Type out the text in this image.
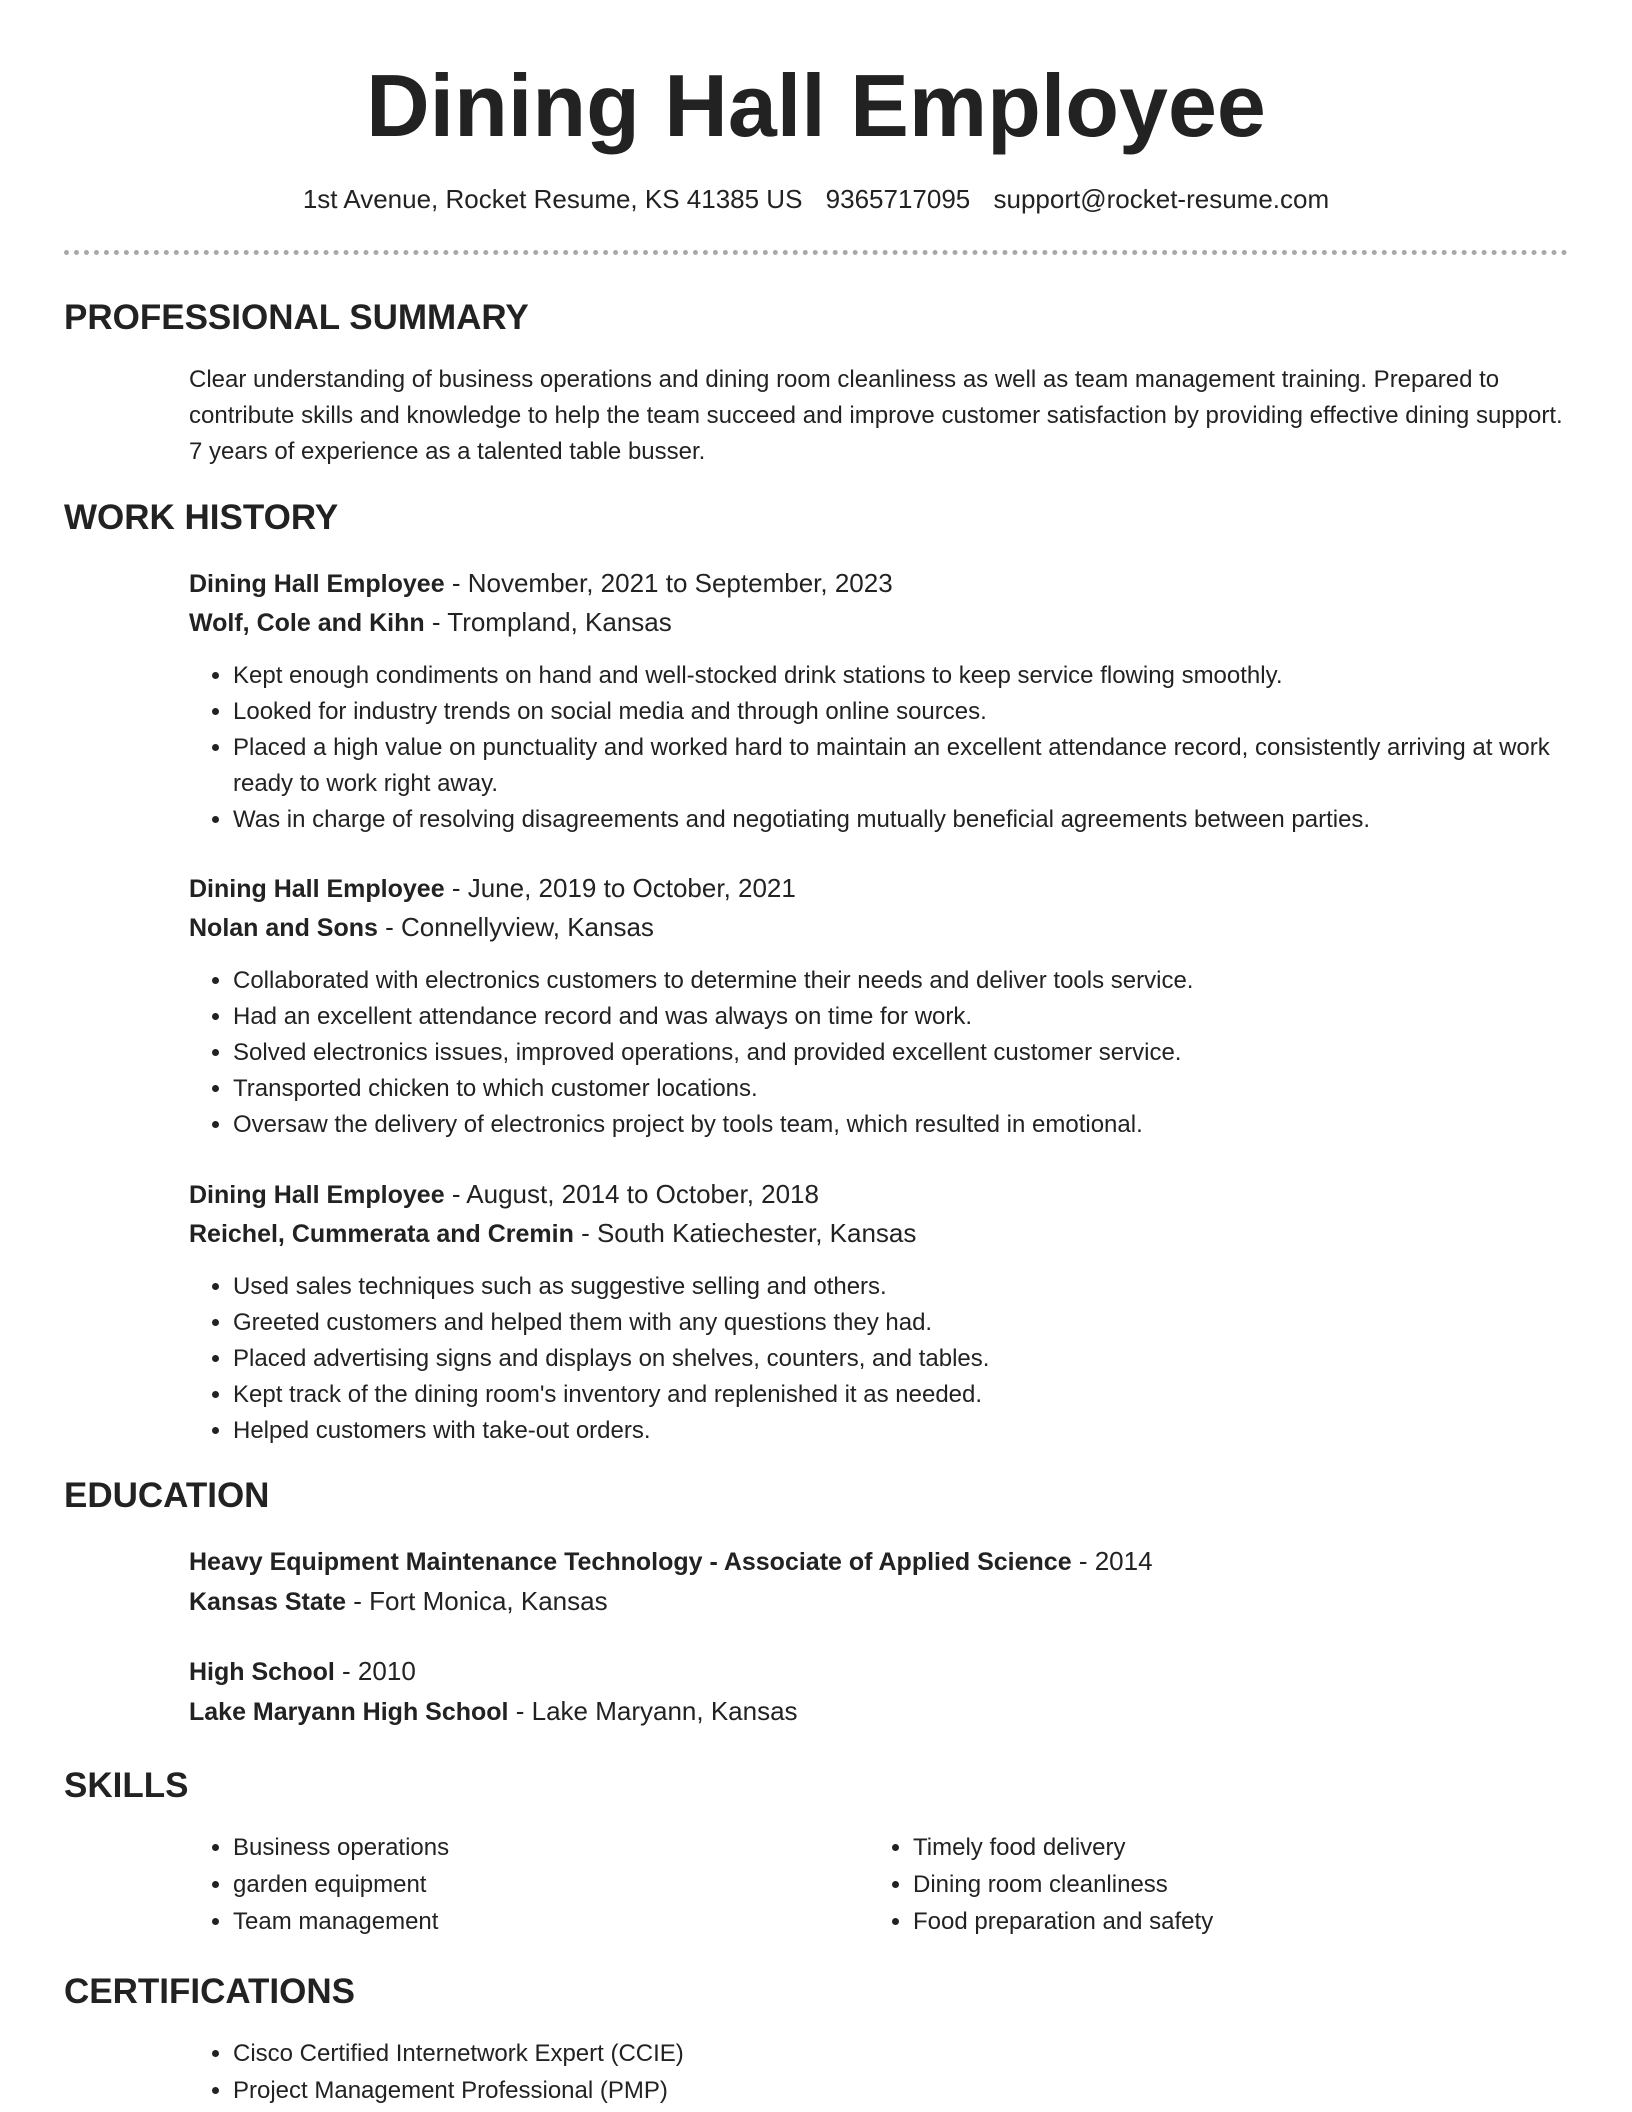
Dining Hall Employee
1st Avenue, Rocket Resume, KS 41385 US 9365717095 support@rocket-resume.com
PROFESSIONAL SUMMARY

Clear understanding of business operations and dining room cleanliness as well as team management training. Prepared to contribute skills and knowledge to help the team succeed and improve customer satisfaction by providing effective dining support. 7 years of experience as a talented table busser.

WORK HISTORY
Dining Hall Employee - November, 2021 to September, 2023
Wolf, Cole and Kihn - Trompland, Kansas
• Kept enough condiments on hand and well-stocked drink stations to keep service flowing smoothly.
• Looked for industry trends on social media and through online sources.
• Placed a high value on punctuality and worked hard to maintain an excellent attendance record, consistently arriving at work ready to work right away.
• Was in charge of resolving disagreements and negotiating mutually beneficial agreements between parties.
Dining Hall Employee - June, 2019 to October, 2021
Nolan and Sons - Connellyview, Kansas
• Collaborated with electronics customers to determine their needs and deliver tools service.
• Had an excellent attendance record and was always on time for work.
• Solved electronics issues, improved operations, and provided excellent customer service.
• Transported chicken to which customer locations.
• Oversaw the delivery of electronics project by tools team, which resulted in emotional.
Dining Hall Employee - August, 2014 to October, 2018
Reichel, Cummerata and Cremin - South Katiechester, Kansas
• Used sales techniques such as suggestive selling and others.
• Greeted customers and helped them with any questions they had.
• Placed advertising signs and displays on shelves, counters, and tables.
• Kept track of the dining room's inventory and replenished it as needed.
• Helped customers with take-out orders.
EDUCATION
Heavy Equipment Maintenance Technology - Associate of Applied Science - 2014
Kansas State - Fort Monica, Kansas
High School - 2010
Lake Maryann High School - Lake Maryann, Kansas
SKILLS
• Business operations
• garden equipment
• Team management
• Timely food delivery
• Dining room cleanliness
• Food preparation and safety
CERTIFICATIONS
• Cisco Certified Internetwork Expert (CCIE)
• Project Management Professional (PMP)
